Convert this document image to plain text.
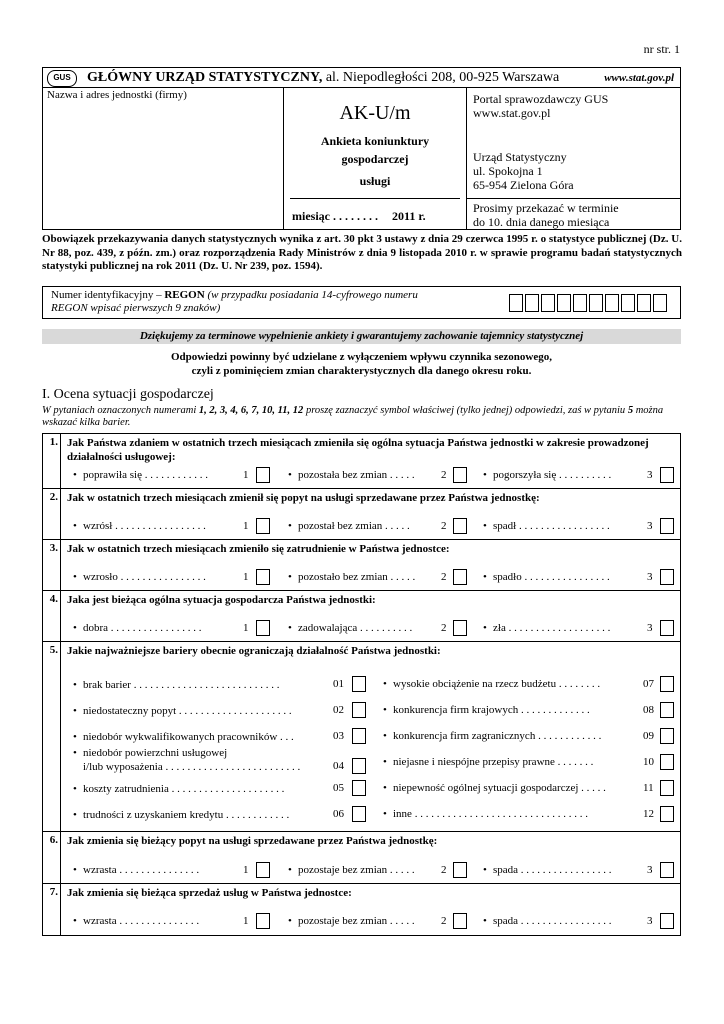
nr str. 1
GUS	GŁÓWNY URZĄD STATYSTYCZNY, al. Niepodległości 208, 00-925 Warszawa	www.stat.gov.pl
Nazwa i adres jednostki (firmy)
AK-U/m
Ankieta koniunktury
gospodarczej
usługi
miesiąc . . . . . . . . 2011 r.
Portal sprawozdawczy GUS
www.stat.gov.pl
Urząd Statystyczny
ul. Spokojna 1
65-954 Zielona Góra
Prosimy przekazać w terminie
do 10. dnia danego miesiąca
Obowiązek przekazywania danych statystycznych wynika z art. 30 pkt 3 ustawy z dnia 29 czerwca 1995 r. o statystyce publicznej (Dz. U. Nr 88, poz. 439, z późn. zm.) oraz rozporządzenia Rady Ministrów z dnia 9 listopada 2010 r. w sprawie programu badań statystycznych statystyki publicznej na rok 2011 (Dz. U. Nr 239, poz. 1594).
Numer identyfikacyjny – REGON (w przypadku posiadania 14-cyfrowego numeru
REGON wpisać pierwszych 9 znaków)
Dziękujemy za terminowe wypełnienie ankiety i gwarantujemy zachowanie tajemnicy statystycznej
Odpowiedzi powinny być udzielane z wyłączeniem wpływu czynnika sezonowego,
czyli z pominięciem zmian charakterystycznych dla danego okresu roku.
I. Ocena sytuacji gospodarczej
W pytaniach oznaczonych numerami 1, 2, 3, 4, 6, 7, 10, 11, 12 proszę zaznaczyć symbol właściwej (tylko jednej) odpowiedzi, zaś w pytaniu 5 można wskazać kilka barier.
1. Jak Państwa zdaniem w ostatnich trzech miesiącach zmieniła się ogólna sytuacja Państwa jednostki w zakresie prowadzonej działalności usługowej:
• poprawiła się . . . . . . . . . . . .	1	• pozostała bez zmian . . . . . 2	• pogorszyła się . . . . . . . . . .	3
2. Jak w ostatnich trzech miesiącach zmienił się popyt na usługi sprzedawane przez Państwa jednostkę:
• wzrósł . . . . . . . . . . . . . . . . .	1	• pozostał bez zmian . . . . .	2	• spadł . . . . . . . . . . . . . . . . .	3
3. Jak w ostatnich trzech miesiącach zmieniło się zatrudnienie w Państwa jednostce:
• wzrosło . . . . . . . . . . . . . . . .	1	• pozostało bez zmian . . . . . 2	• spadło . . . . . . . . . . . . . . . .	3
4. Jaka jest bieżąca ogólna sytuacja gospodarcza Państwa jednostki:
• dobra . . . . . . . . . . . . . . . . .	1	• zadowalająca . . . . . . . . . .	2	• zła . . . . . . . . . . . . . . . . . . .	3
5. Jakie najważniejsze bariery obecnie ograniczają działalność Państwa jednostki:
• brak barier . . . . . . . . . . . . . . . . . . . . . . . . . . .	01
• niedostateczny popyt . . . . . . . . . . . . . . . . . . . . .	02
• niedobór wykwalifikowanych pracowników . . .	03
• niedobór powierzchni usługowej
i/lub wyposażenia . . . . . . . . . . . . . . . . . . . . . . . . .	04
• koszty zatrudnienia . . . . . . . . . . . . . . . . . . . . .	05
• trudności z uzyskaniem kredytu . . . . . . . . . . . .	06
• wysokie obciążenie na rzecz budżetu . . . . . . . .	07
• konkurencja firm krajowych . . . . . . . . . . . . .	08
• konkurencja firm zagranicznych . . . . . . . . . . . .	09
• niejasne i niespójne przepisy prawne . . . . . . .	10
• niepewność ogólnej sytuacji gospodarczej . . . . .	11
• inne . . . . . . . . . . . . . . . . . . . . . . . . . . . . . . . .	12
6. Jak zmienia się bieżący popyt na usługi sprzedawane przez Państwa jednostkę:
• wzrasta . . . . . . . . . . . . . . .	1	• pozostaje bez zmian . . . . . 2	• spada . . . . . . . . . . . . . . . . .	3
7. Jak zmienia się bieżąca sprzedaż usług w Państwa jednostce:
• wzrasta . . . . . . . . . . . . . . .	1	• pozostaje bez zmian . . . . . 2	• spada . . . . . . . . . . . . . . . . .	3
